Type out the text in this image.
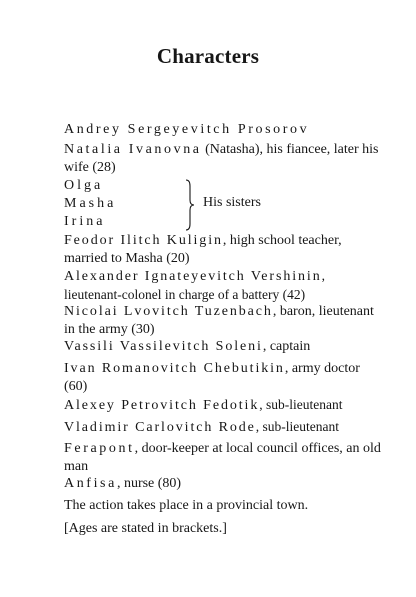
Characters
Andrey Sergeyevitch Prosorov
Natalia Ivanovna (Natasha), his fiancee, later his wife (28)
Olga
Masha
Irina
His sisters
Feodor Ilitch Kuligin, high school teacher, married to Masha (20)
Alexander Ignateyevitch Vershinin, lieutenant-colonel in charge of a battery (42)
Nicolai Lvovitch Tuzenbach, baron, lieutenant in the army (30)
Vassili Vassilevitch Soleni, captain
Ivan Romanovitch Chebutikin, army doctor (60)
Alexey Petrovitch Fedotik, sub-lieutenant
Vladimir Carlovitch Rode, sub-lieutenant
Ferapont, door-keeper at local council offices, an old man
Anfisa, nurse (80)
The action takes place in a provincial town.
[Ages are stated in brackets.]
